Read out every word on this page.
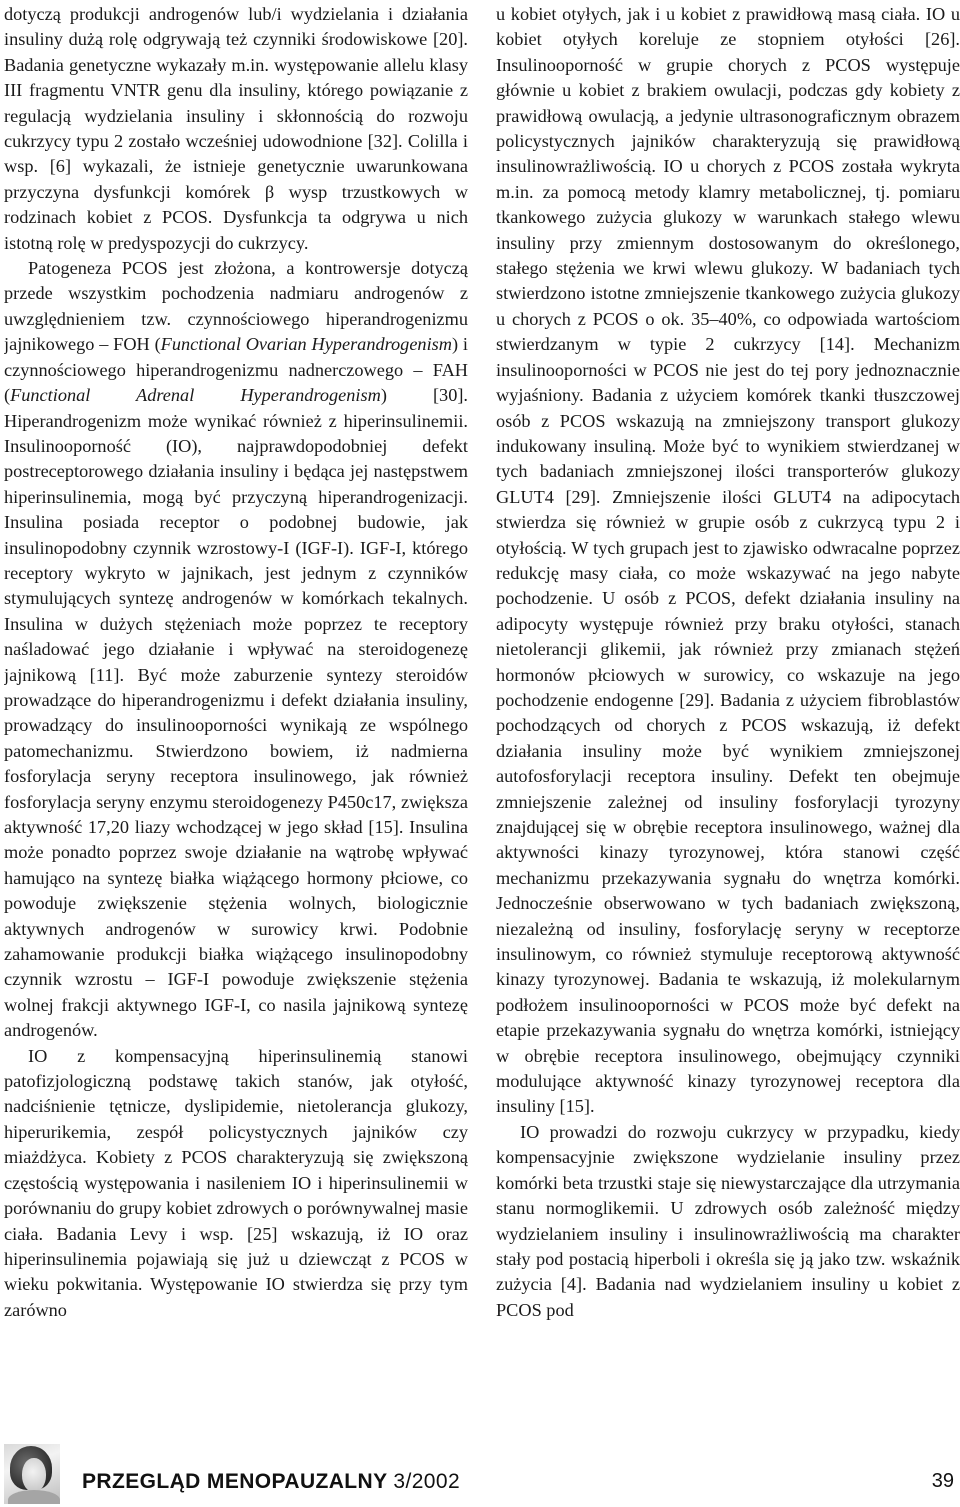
dotyczą produkcji androgenów lub/i wydzielania i działania insuliny dużą rolę odgrywają też czynniki środowiskowe [20]. Badania genetyczne wykazały m.in. występowanie allelu klasy III fragmentu VNTR genu dla insuliny, którego powiązanie z regulacją wydzielania insuliny i skłonnością do rozwoju cukrzycy typu 2 zostało wcześniej udowodnione [32]. Colilla i wsp. [6] wykazali, że istnieje genetycznie uwarunkowana przyczyna dysfunkcji komórek β wysp trzustkowych w rodzinach kobiet z PCOS. Dysfunkcja ta odgrywa u nich istotną rolę w predyspozycji do cukrzycy.

Patogeneza PCOS jest złożona, a kontrowersje dotyczą przede wszystkim pochodzenia nadmiaru androgenów z uwzględnieniem tzw. czynnościowego hiperandrogenizmu jajnikowego – FOH (Functional Ovarian Hyperandrogenism) i czynnościowego hiperandrogenizmu nadnerczowego – FAH (Functional Adrenal Hyperandrogenism) [30]. Hiperandrogenizm może wynikać również z hiperinsulinemii. Insulinooporność (IO), najprawdopodobniej defekt postreceptorowego działania insuliny i będąca jej następstwem hiperinsulinemia, mogą być przyczyną hiperandrogenizacji. Insulina posiada receptor o podobnej budowie, jak insulinopodobny czynnik wzrostowy-I (IGF-I). IGF-I, którego receptory wykryto w jajnikach, jest jednym z czynników stymulujących syntezę androgenów w komórkach tekalnych. Insulina w dużych stężeniach może poprzez te receptory naśladować jego działanie i wpływać na steroidogenezę jajnikową [11]. Być może zaburzenie syntezy steroidów prowadzące do hiperandrogenizmu i defekt działania insuliny, prowadzący do insulinooporności wynikają ze wspólnego patomechanizmu. Stwierdzono bowiem, iż nadmierna fosforylacja seryny receptora insulinowego, jak również fosforylacja seryny enzymu steroidogenezy P450c17, zwiększa aktywność 17,20 liazy wchodzącej w jego skład [15]. Insulina może ponadto poprzez swoje działanie na wątrobę wpływać hamująco na syntezę białka wiążącego hormony płciowe, co powoduje zwiększenie stężenia wolnych, biologicznie aktywnych androgenów w surowicy krwi. Podobnie zahamowanie produkcji białka wiążącego insulinopodobny czynnik wzrostu – IGF-I powoduje zwiększenie stężenia wolnej frakcji aktywnego IGF-I, co nasila jajnikową syntezę androgenów.

IO z kompensacyjną hiperinsulinemią stanowi patofizjologiczną podstawę takich stanów, jak otyłość, nadciśnienie tętnicze, dyslipidemie, nietolerancja glukozy, hiperurikemia, zespół policystycznych jajników czy miażdżyca. Kobiety z PCOS charakteryzują się zwiększoną częstością występowania i nasileniem IO i hiperinsulinemii w porównaniu do grupy kobiet zdrowych o porównywalnej masie ciała. Badania Levy i wsp. [25] wskazują, iż IO oraz hiperinsulinemia pojawiają się już u dziewcząt z PCOS w wieku pokwitania. Występowanie IO stwierdza się przy tym zarówno

u kobiet otyłych, jak i u kobiet z prawidłową masą ciała. IO u kobiet otyłych koreluje ze stopniem otyłości [26]. Insulinooporność w grupie chorych z PCOS występuje głównie u kobiet z brakiem owulacji, podczas gdy kobiety z prawidłową owulacją, a jedynie ultrasonograficznym obrazem policystycznych jajników charakteryzują się prawidłową insulinowrażliwością. IO u chorych z PCOS została wykryta m.in. za pomocą metody klamry metabolicznej, tj. pomiaru tkankowego zużycia glukozy w warunkach stałego wlewu insuliny przy zmiennym dostosowanym do określonego, stałego stężenia we krwi wlewu glukozy. W badaniach tych stwierdzono istotne zmniejszenie tkankowego zużycia glukozy u chorych z PCOS o ok. 35–40%, co odpowiada wartościom stwierdzanym w typie 2 cukrzycy [14]. Mechanizm insulinooporności w PCOS nie jest do tej pory jednoznacznie wyjaśniony. Badania z użyciem komórek tkanki tłuszczowej osób z PCOS wskazują na zmniejszony transport glukozy indukowany insuliną. Może być to wynikiem stwierdzanej w tych badaniach zmniejszonej ilości transporterów glukozy GLUT4 [29]. Zmniejszenie ilości GLUT4 na adipocytach stwierdza się również w grupie osób z cukrzycą typu 2 i otyłością. W tych grupach jest to zjawisko odwracalne poprzez redukcję masy ciała, co może wskazywać na jego nabyte pochodzenie. U osób z PCOS, defekt działania insuliny na adipocyty występuje również przy braku otyłości, stanach nietolerancji glikemii, jak również przy zmianach stężeń hormonów płciowych w surowicy, co wskazuje na jego pochodzenie endogenne [29]. Badania z użyciem fibroblastów pochodzących od chorych z PCOS wskazują, iż defekt działania insuliny może być wynikiem zmniejszonej autofosforylacji receptora insuliny. Defekt ten obejmuje zmniejszenie zależnej od insuliny fosforylacji tyrozyny znajdującej się w obrębie receptora insulinowego, ważnej dla aktywności kinazy tyrozynowej, która stanowi część mechanizmu przekazywania sygnału do wnętrza komórki. Jednocześnie obserwowano w tych badaniach zwiększoną, niezależną od insuliny, fosforylację seryny w receptorze insulinowym, co również stymuluje receptorową aktywność kinazy tyrozynowej. Badania te wskazują, iż molekularnym podłożem insulinooporności w PCOS może być defekt na etapie przekazywania sygnału do wnętrza komórki, istniejący w obrębie receptora insulinowego, obejmujący czynniki modulujące aktywność kinazy tyrozynowej receptora dla insuliny [15].

IO prowadzi do rozwoju cukrzycy w przypadku, kiedy kompensacyjnie zwiększone wydzielanie insuliny przez komórki beta trzustki staje się niewystarczające dla utrzymania stanu normoglikemii. U zdrowych osób zależność między wydzielaniem insuliny i insulinowrażliwością ma charakter stały pod postacią hiperboli i określa się ją jako tzw. wskaźnik zużycia [4]. Badania nad wydzielaniem insuliny u kobiet z PCOS pod

PRZEGLĄD MENOPAUZALNY 3/2002	39
